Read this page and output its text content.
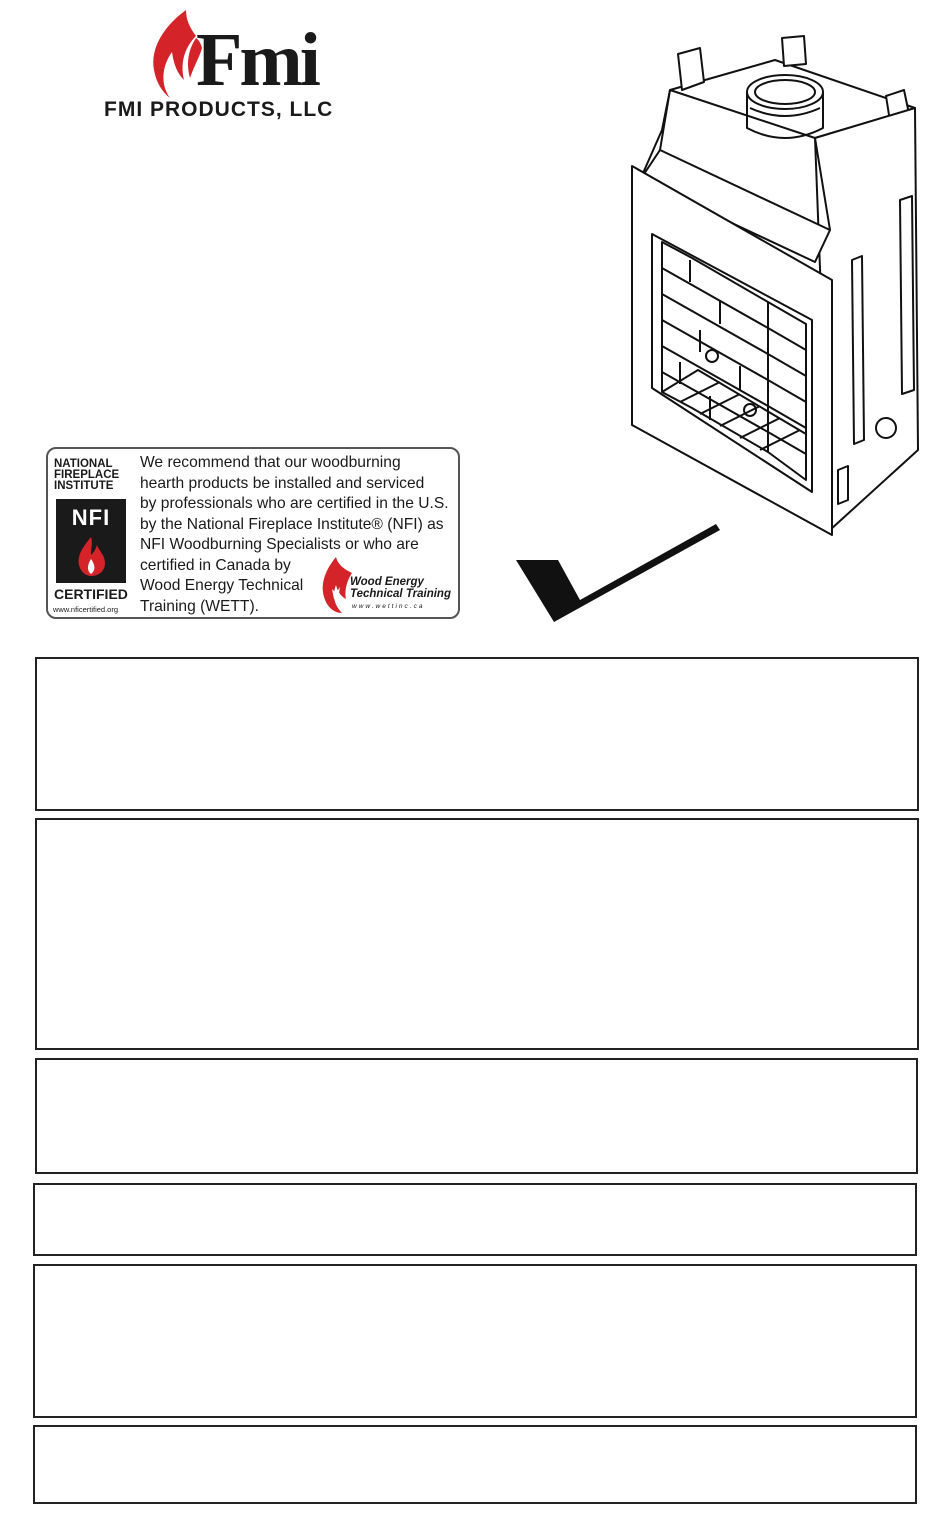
Fmi
FMI PRODUCTS, LLC
NATIONAL
FIREPLACE
INSTITUTE
NFI
CERTIFIED
www.nficertified.org
We recommend that our woodburning
hearth products be installed and serviced
by professionals who are certified in the U.S.
by the National Fireplace Institute® (NFI) as
NFI Woodburning Specialists or who are
certified in Canada by
Wood Energy Technical
Training (WETT).
Wood Energy
Technical Training
www.wettinc.ca
